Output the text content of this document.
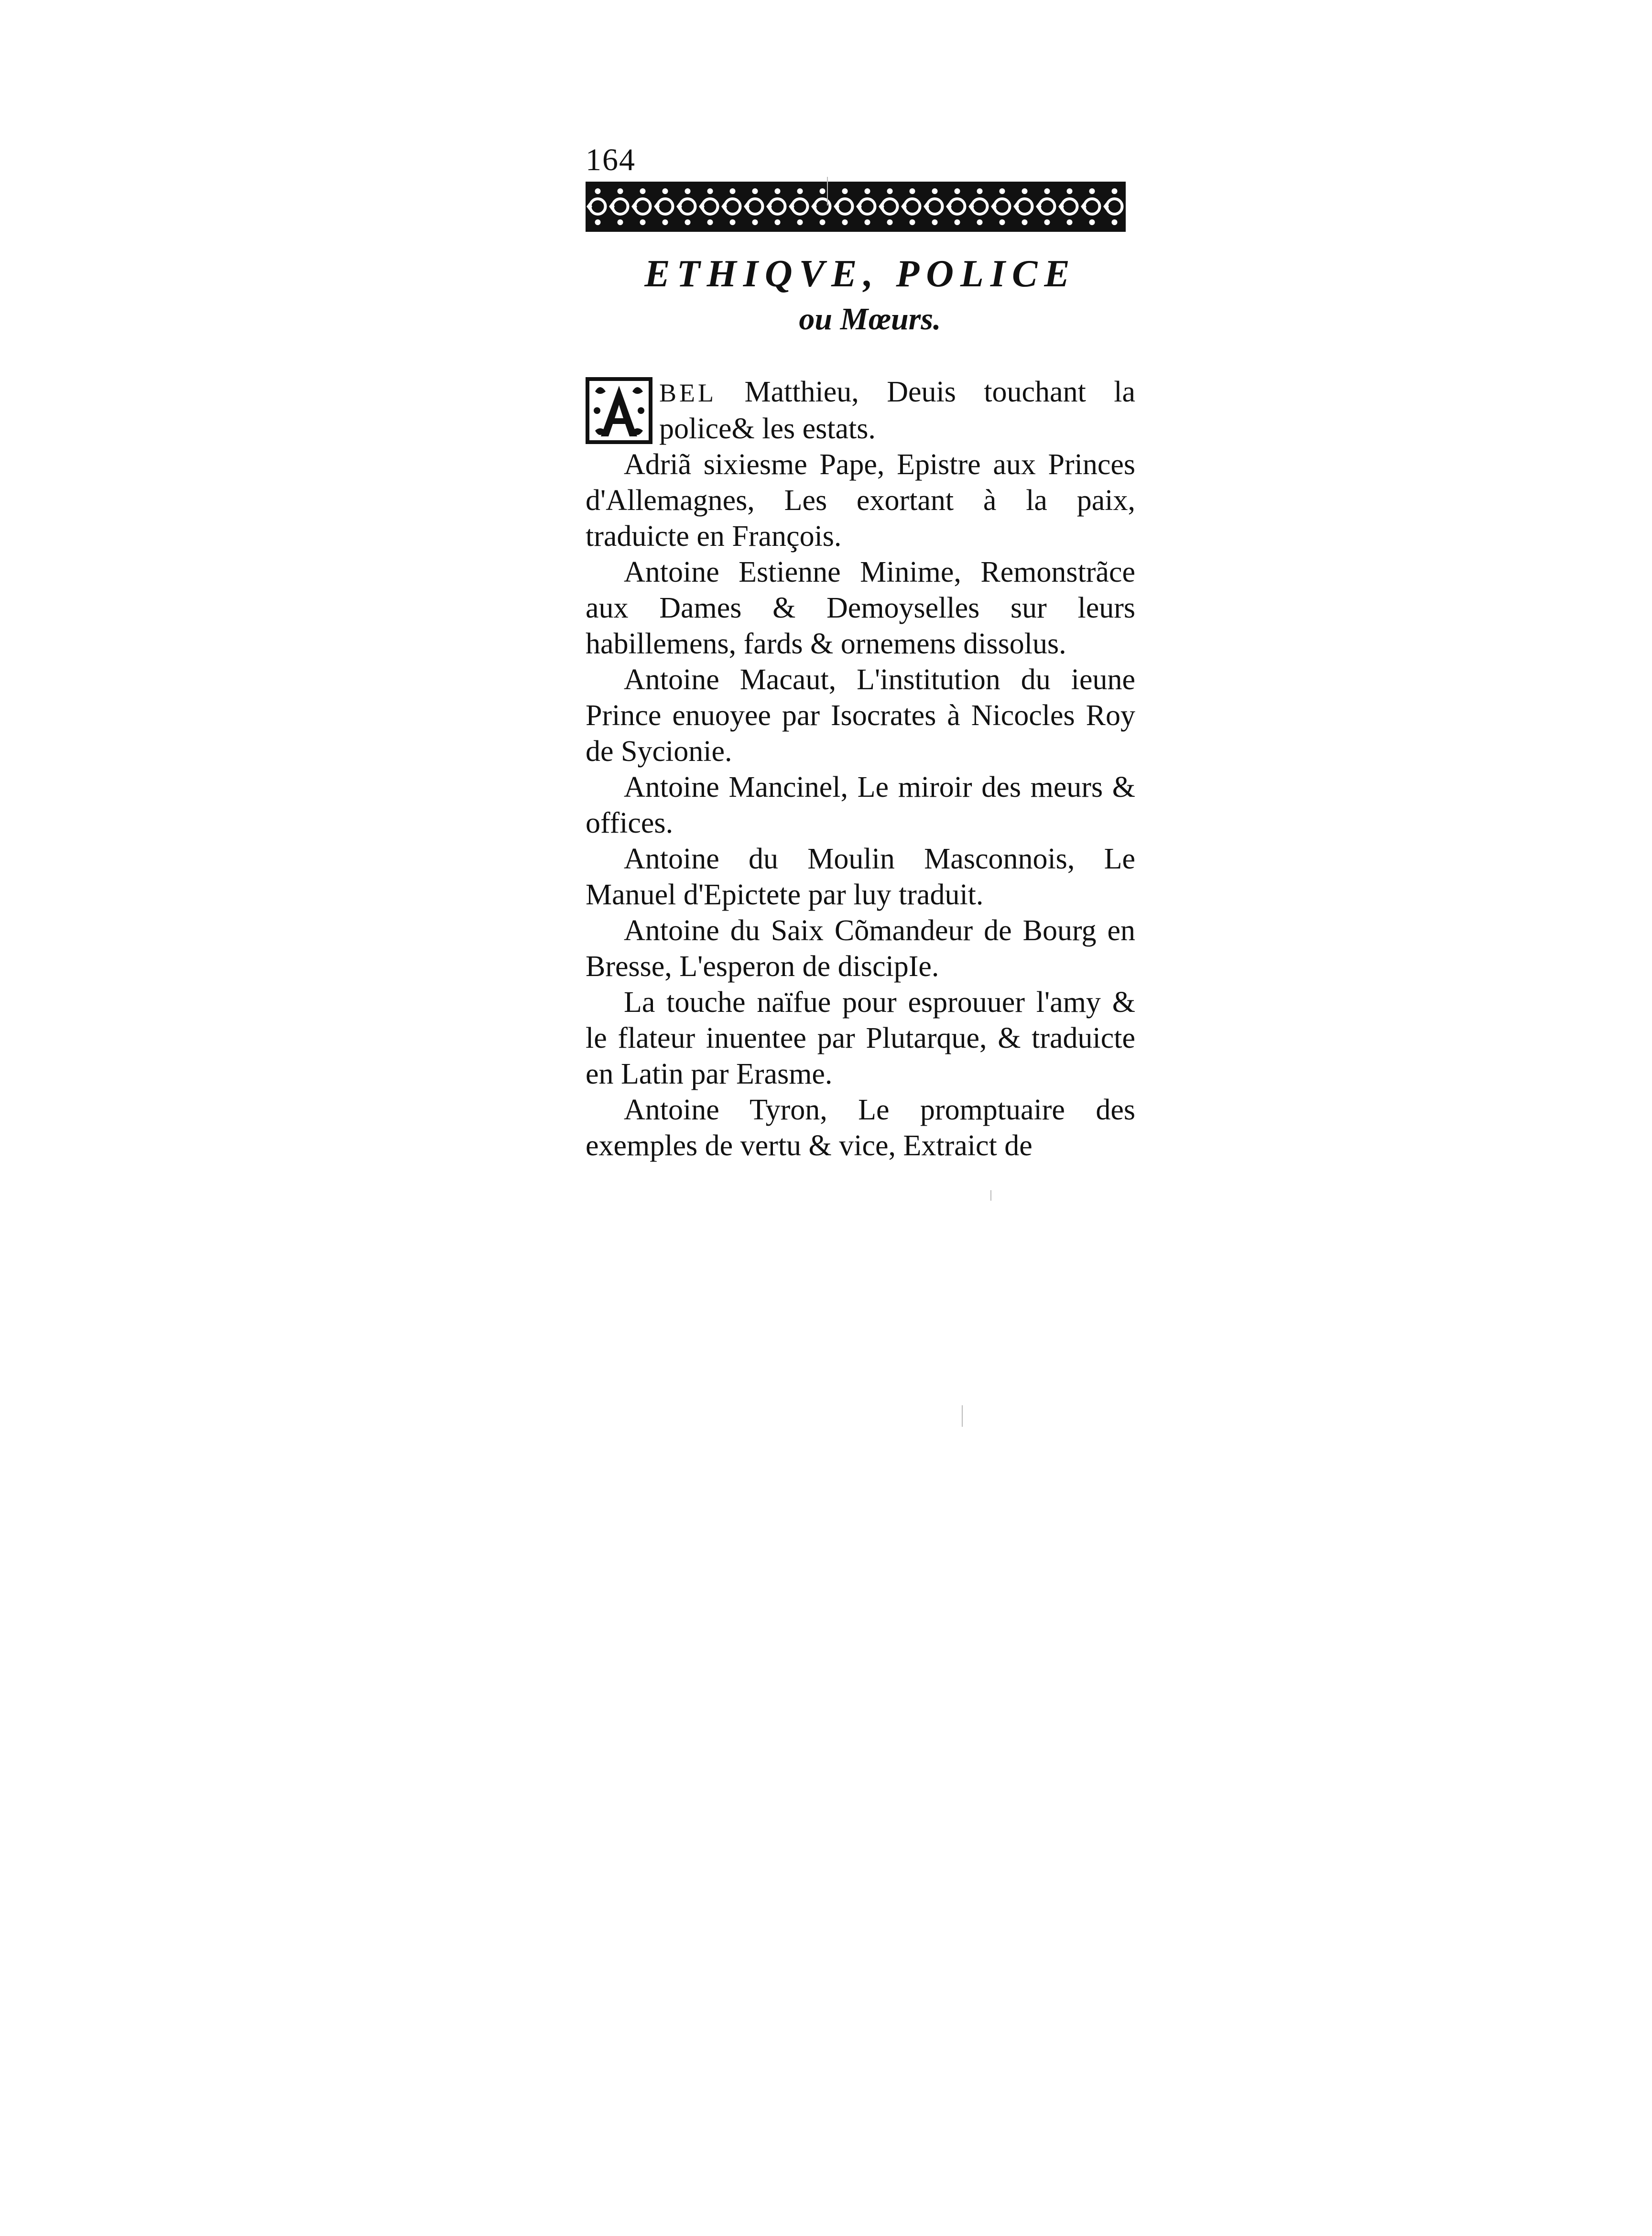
164
ETHIQVE, POLICE
ou Mœurs.

BEL Matthieu, Deuis touchant la police& les estats.

Adriã sixiesme Pape, Epistre aux Princes d'Allemagnes, Les exortant à la paix, traduicte en François.

Antoine Estienne Minime, Remonstrãce aux Dames & Demoyselles sur leurs habillemens, fards & ornemens dissolus.

Antoine Macaut, L'institution du ieune Prince enuoyee par Isocrates à Nicocles Roy de Sycionie.

Antoine Mancinel, Le miroir des meurs & offices.

Antoine du Moulin Masconnois, Le Manuel d'Epictete par luy traduit.

Antoine du Saix Cõmandeur de Bourg en Bresse, L'esperon de discipIe.

La touche naïfue pour esprouuer l'amy & le flateur inuentee par Plutarque, & traduicte en Latin par Erasme.

Antoine Tyron, Le promptuaire des exemples de vertu & vice, Extraict de
